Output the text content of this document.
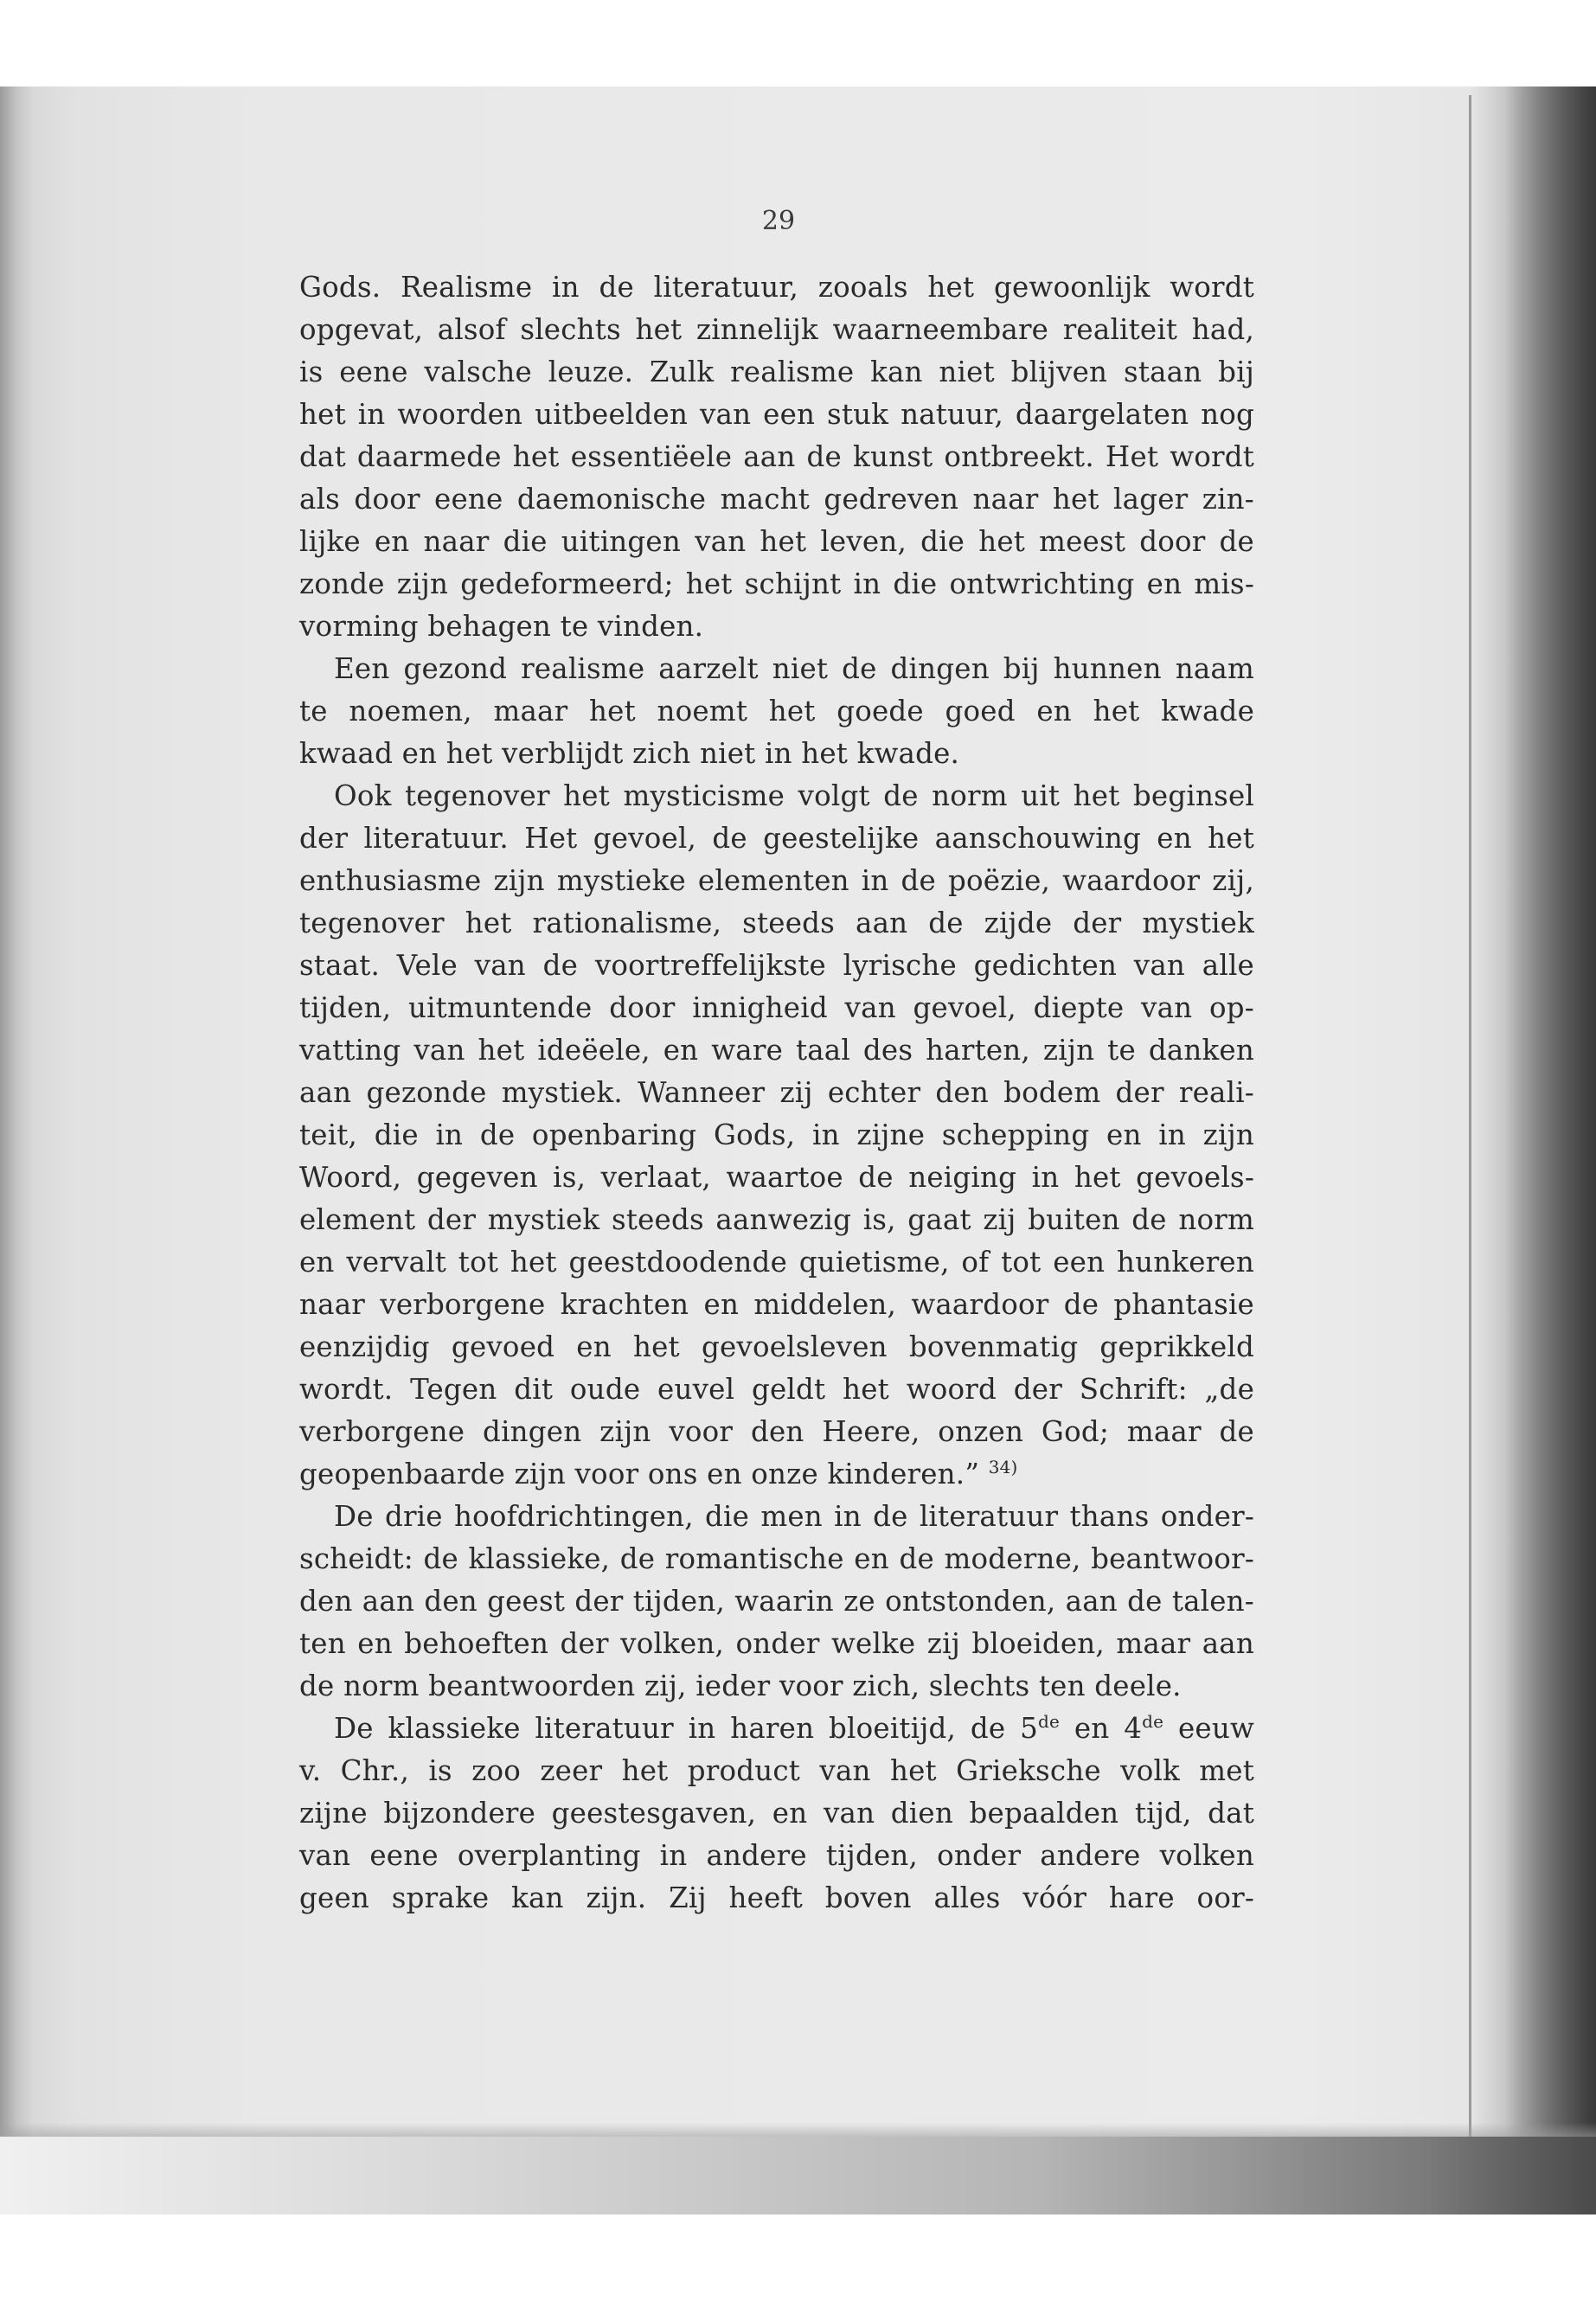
29
Gods. Realisme in de literatuur, zooals het gewoonlijk wordt
opgevat, alsof slechts het zinnelijk waarneembare realiteit had,
is eene valsche leuze. Zulk realisme kan niet blijven staan bij
het in woorden uitbeelden van een stuk natuur, daargelaten nog
dat daarmede het essentiëele aan de kunst ontbreekt. Het wordt
als door eene daemonische macht gedreven naar het lager zin-
lijke en naar die uitingen van het leven, die het meest door de
zonde zijn gedeformeerd; het schijnt in die ontwrichting en mis-
vorming behagen te vinden.
Een gezond realisme aarzelt niet de dingen bij hunnen naam
te noemen, maar het noemt het goede goed en het kwade
kwaad en het verblijdt zich niet in het kwade.
Ook tegenover het mysticisme volgt de norm uit het beginsel
der literatuur. Het gevoel, de geestelijke aanschouwing en het
enthusiasme zijn mystieke elementen in de poëzie, waardoor zij,
tegenover het rationalisme, steeds aan de zijde der mystiek
staat. Vele van de voortreffelijkste lyrische gedichten van alle
tijden, uitmuntende door innigheid van gevoel, diepte van op-
vatting van het ideëele, en ware taal des harten, zijn te danken
aan gezonde mystiek. Wanneer zij echter den bodem der reali-
teit, die in de openbaring Gods, in zijne schepping en in zijn
Woord, gegeven is, verlaat, waartoe de neiging in het gevoels-
element der mystiek steeds aanwezig is, gaat zij buiten de norm
en vervalt tot het geestdoodende quietisme, of tot een hunkeren
naar verborgene krachten en middelen, waardoor de phantasie
eenzijdig gevoed en het gevoelsleven bovenmatig geprikkeld
wordt. Tegen dit oude euvel geldt het woord der Schrift: „de
verborgene dingen zijn voor den Heere, onzen God; maar de
geopenbaarde zijn voor ons en onze kinderen.” $^{34)}$
De drie hoofdrichtingen, die men in de literatuur thans onder-
scheidt: de klassieke, de romantische en de moderne, beantwoor-
den aan den geest der tijden, waarin ze ontstonden, aan de talen-
ten en behoeften der volken, onder welke zij bloeiden, maar aan
de norm beantwoorden zij, ieder voor zich, slechts ten deele.
De klassieke literatuur in haren bloeitijd, de 5de en 4de eeuw
v. Chr., is zoo zeer het product van het Grieksche volk met
zijne bijzondere geestesgaven, en van dien bepaalden tijd, dat
van eene overplanting in andere tijden, onder andere volken
geen sprake kan zijn. Zij heeft boven alles vóór hare oor-
